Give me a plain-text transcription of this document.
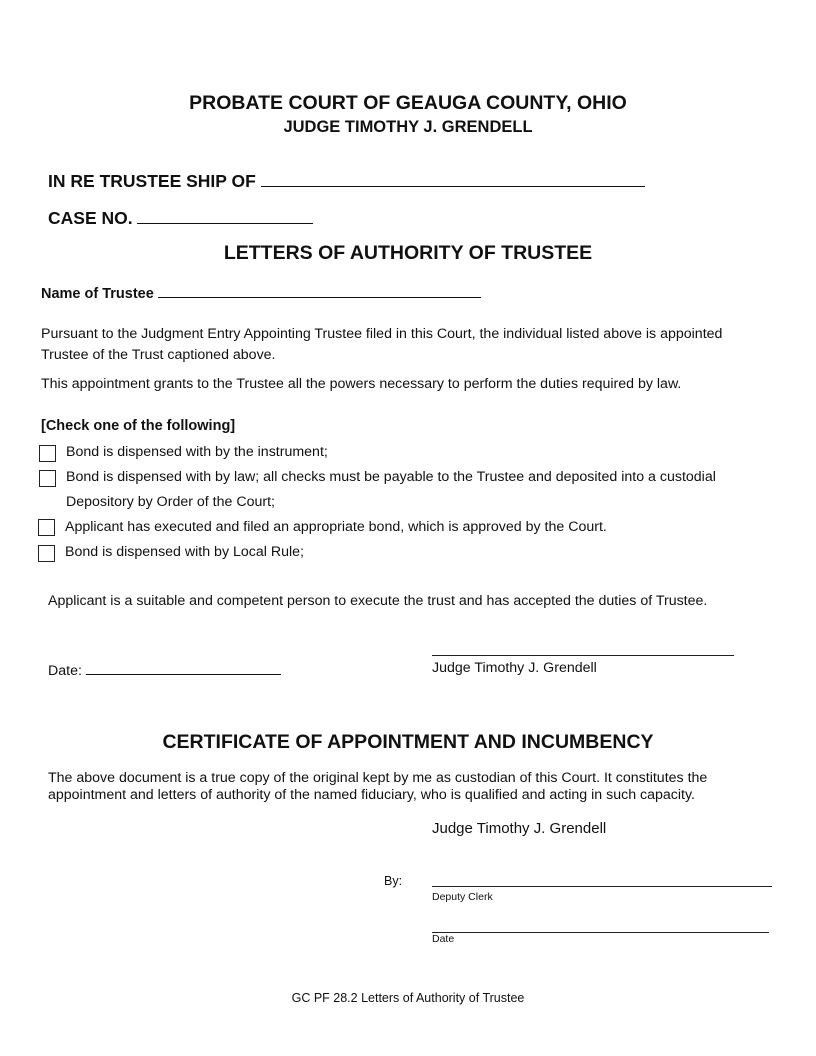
PROBATE COURT OF GEAUGA COUNTY, OHIO
JUDGE TIMOTHY J. GRENDELL
IN RE TRUSTEE SHIP OF
CASE NO.
LETTERS OF AUTHORITY OF TRUSTEE
Name of Trustee
Pursuant to the Judgment Entry Appointing Trustee filed in this Court, the individual listed above is appointed
Trustee of the Trust captioned above.
This appointment grants to the Trustee all the powers necessary to perform the duties required by law.
[Check one of the following]
Bond is dispensed with by the instrument;
Bond is dispensed with by law; all checks must be payable to the Trustee and deposited into a custodial
Depository by Order of the Court;
Applicant has executed and filed an appropriate bond, which is approved by the Court.
Bond is dispensed with by Local Rule;
Applicant is a suitable and competent person to execute the trust and has accepted the duties of Trustee.
Date:	Judge Timothy J. Grendell
CERTIFICATE OF APPOINTMENT AND INCUMBENCY
The above document is a true copy of the original kept by me as custodian of this Court. It constitutes the
appointment and letters of authority of the named fiduciary, who is qualified and acting in such capacity.
Judge Timothy J. Grendell
By:
Deputy Clerk
Date
GC PF 28.2 Letters of Authority of Trustee
